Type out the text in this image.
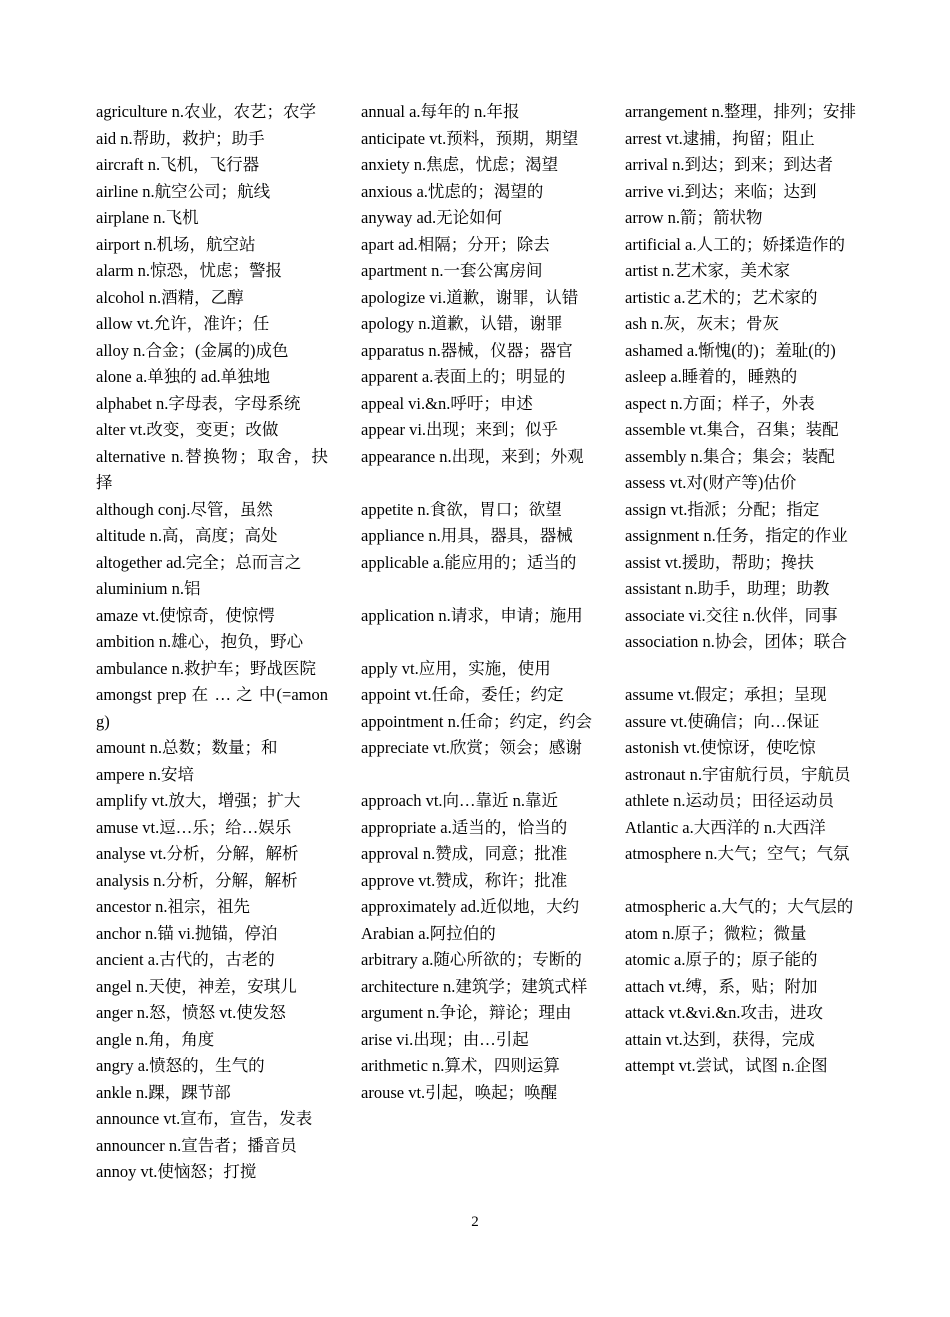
agriculture n.农业，农艺；农学
aid n.帮助，救护；助手
aircraft n.飞机，飞行器
airline n.航空公司；航线
airplane n.飞机
airport n.机场，航空站
alarm n.惊恐，忧虑；警报
alcohol n.酒精，乙醇
allow vt.允许，准许；任
alloy n.合金；(金属的)成色
alone a.单独的 ad.单独地
alphabet n.字母表，字母系统
alter vt.改变，变更；改做
alternative n.替换物；取舍，抉择
although conj.尽管，虽然
altitude n.高，高度；高处
altogether ad.完全；总而言之
aluminium n.铝
amaze vt.使惊奇，使惊愕
ambition n.雄心，抱负，野心
ambulance n.救护车；野战医院
amongst prep 在 … 之 中(=among)
amount n.总数；数量；和
ampere n.安培
amplify vt.放大，增强；扩大
amuse vt.逗…乐；给…娱乐
analyse vt.分析，分解，解析
analysis n.分析，分解，解析
ancestor n.祖宗，祖先
anchor n.锚 vi.抛锚，停泊
ancient a.古代的，古老的
angel n.天使，神差，安琪儿
anger n.怒，愤怒 vt.使发怒
angle n.角，角度
angry a.愤怒的，生气的
ankle n.踝，踝节部
announce vt.宣布，宣告，发表
announcer n.宣告者；播音员
annoy vt.使恼怒；打搅
annual a.每年的 n.年报
anticipate vt.预料，预期，期望
anxiety n.焦虑，忧虑；渴望
anxious a.忧虑的；渴望的
anyway ad.无论如何
apart ad.相隔；分开；除去
apartment n.一套公寓房间
apologize vi.道歉，谢罪，认错
apology n.道歉，认错，谢罪
apparatus n.器械，仪器；器官
apparent a.表面上的；明显的
appeal vi.&n.呼吁；申述
appear vi.出现；来到；似乎
appearance n.出现，来到；外观
appetite n.食欲，胃口；欲望
appliance n.用具，器具，器械
applicable a.能应用的；适当的
application n.请求，申请；施用
apply vt.应用，实施，使用
appoint vt.任命，委任；约定
appointment n.任命；约定，约会
appreciate vt.欣赏；领会；感谢
approach vt.向…靠近 n.靠近
appropriate a.适当的，恰当的
approval n.赞成，同意；批准
approve vt.赞成，称许；批准
approximately ad.近似地，大约
Arabian a.阿拉伯的
arbitrary a.随心所欲的；专断的
architecture n.建筑学；建筑式样
argument n.争论，辩论；理由
arise vi.出现；由…引起
arithmetic n.算术，四则运算
arouse vt.引起，唤起；唤醒
arrangement n.整理，排列；安排
arrest vt.逮捕，拘留；阻止
arrival n.到达；到来；到达者
arrive vi.到达；来临；达到
arrow n.箭；箭状物
artificial a.人工的；娇揉造作的
artist n.艺术家，美术家
artistic a.艺术的；艺术家的
ash n.灰，灰末；骨灰
ashamed a.惭愧(的)；羞耻(的)
asleep a.睡着的，睡熟的
aspect n.方面；样子，外表
assemble vt.集合，召集；装配
assembly n.集合；集会；装配
assess vt.对(财产等)估价
assign vt.指派；分配；指定
assignment n.任务，指定的作业
assist vt.援助，帮助；搀扶
assistant n.助手，助理；助教
associate vi.交往 n.伙伴，同事
association n.协会，团体；联合
assume vt.假定；承担；呈现
assure vt.使确信；向…保证
astonish vt.使惊讶，使吃惊
astronaut n.宇宙航行员，宇航员
athlete n.运动员；田径运动员
Atlantic a.大西洋的 n.大西洋
atmosphere n.大气；空气；气氛
atmospheric a.大气的；大气层的
atom n.原子；微粒；微量
atomic a.原子的；原子能的
attach vt.缚，系，贴；附加
attack vt.&vi.&n.攻击，进攻
attain vt.达到，获得，完成
attempt vt.尝试，试图 n.企图
2
